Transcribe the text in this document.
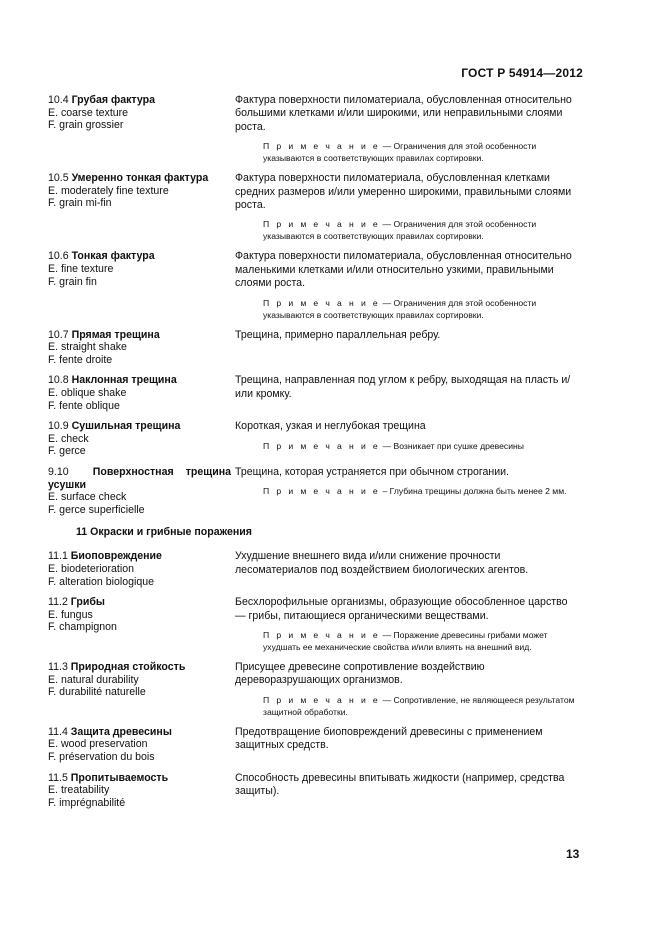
ГОСТ Р 54914—2012

10.4 Грубая фактура

E. coarse texture

F. grain grossier

Фактура поверхности пиломатериала, обусловленная относительно большими клетками и/или широкими, или неправильными слоями роста.

П р и м е ч а н и е — Ограничения для этой особенности указываются в соответствующих правилах сортировки.

10.5 Умеренно тонкая фактура

E. moderately fine texture

F. grain mi-fin

Фактура поверхности пиломатериала, обусловленная клетками средних размеров и/или умеренно широкими, правильными слоями роста.

П р и м е ч а н и е — Ограничения для этой особенности указываются в соответствующих правилах сортировки.

10.6 Тонкая фактура

E. fine texture

F. grain fin

Фактура поверхности пиломатериала, обусловленная относительно маленькими клетками и/или относительно узкими, правильными слоями роста.

П р и м е ч а н и е — Ограничения для этой особенности указываются в соответствующих правилах сортировки.

10.7 Прямая трещина

E. straight shake

F. fente droite

Трещина, примерно параллельная ребру.

10.8 Наклонная трещина

E. oblique shake

F. fente oblique

Трещина, направленная под углом к ребру, выходящая на пласть и/или кромку.

10.9 Сушильная трещина

E. check

F. gerce

Короткая, узкая и неглубокая трещина

П р и м е ч а н и е — Возникает при сушке древесины

9.10 Поверхностная трещина усушки

E. surface check

F. gerce superficielle

Трещина, которая устраняется при обычном строгании.

П р и м е ч а н и е – Глубина трещины должна быть менее 2 мм.
11 Окраски и грибные поражения

11.1 Биоповреждение

E. biodeterioration

F. alteration biologique

Ухудшение внешнего вида и/или снижение прочности лесоматериалов под воздействием биологических агентов.

11.2 Грибы

E. fungus

F. champignon

Бесхлорофильные организмы, образующие обособленное царство — грибы, питающиеся органическими веществами.

П р и м е ч а н и е — Поражение древесины грибами может ухудшать ее механические свойства и/или влиять на внешний вид.

11.3 Природная стойкость

E. natural durability

F. durabilité naturelle

Присущее древесине сопротивление воздействию дереворазрушающих организмов.

П р и м е ч а н и е — Сопротивление, не являющееся результатом защитной обработки.

11.4 Защита древесины

E. wood preservation

F. préservation du bois

Предотвращение биоповреждений древесины с применением защитных средств.

11.5 Пропитываемость

E. treatability

F. imprégnabilité

Способность древесины впитывать жидкости (например, средства защиты).

13
